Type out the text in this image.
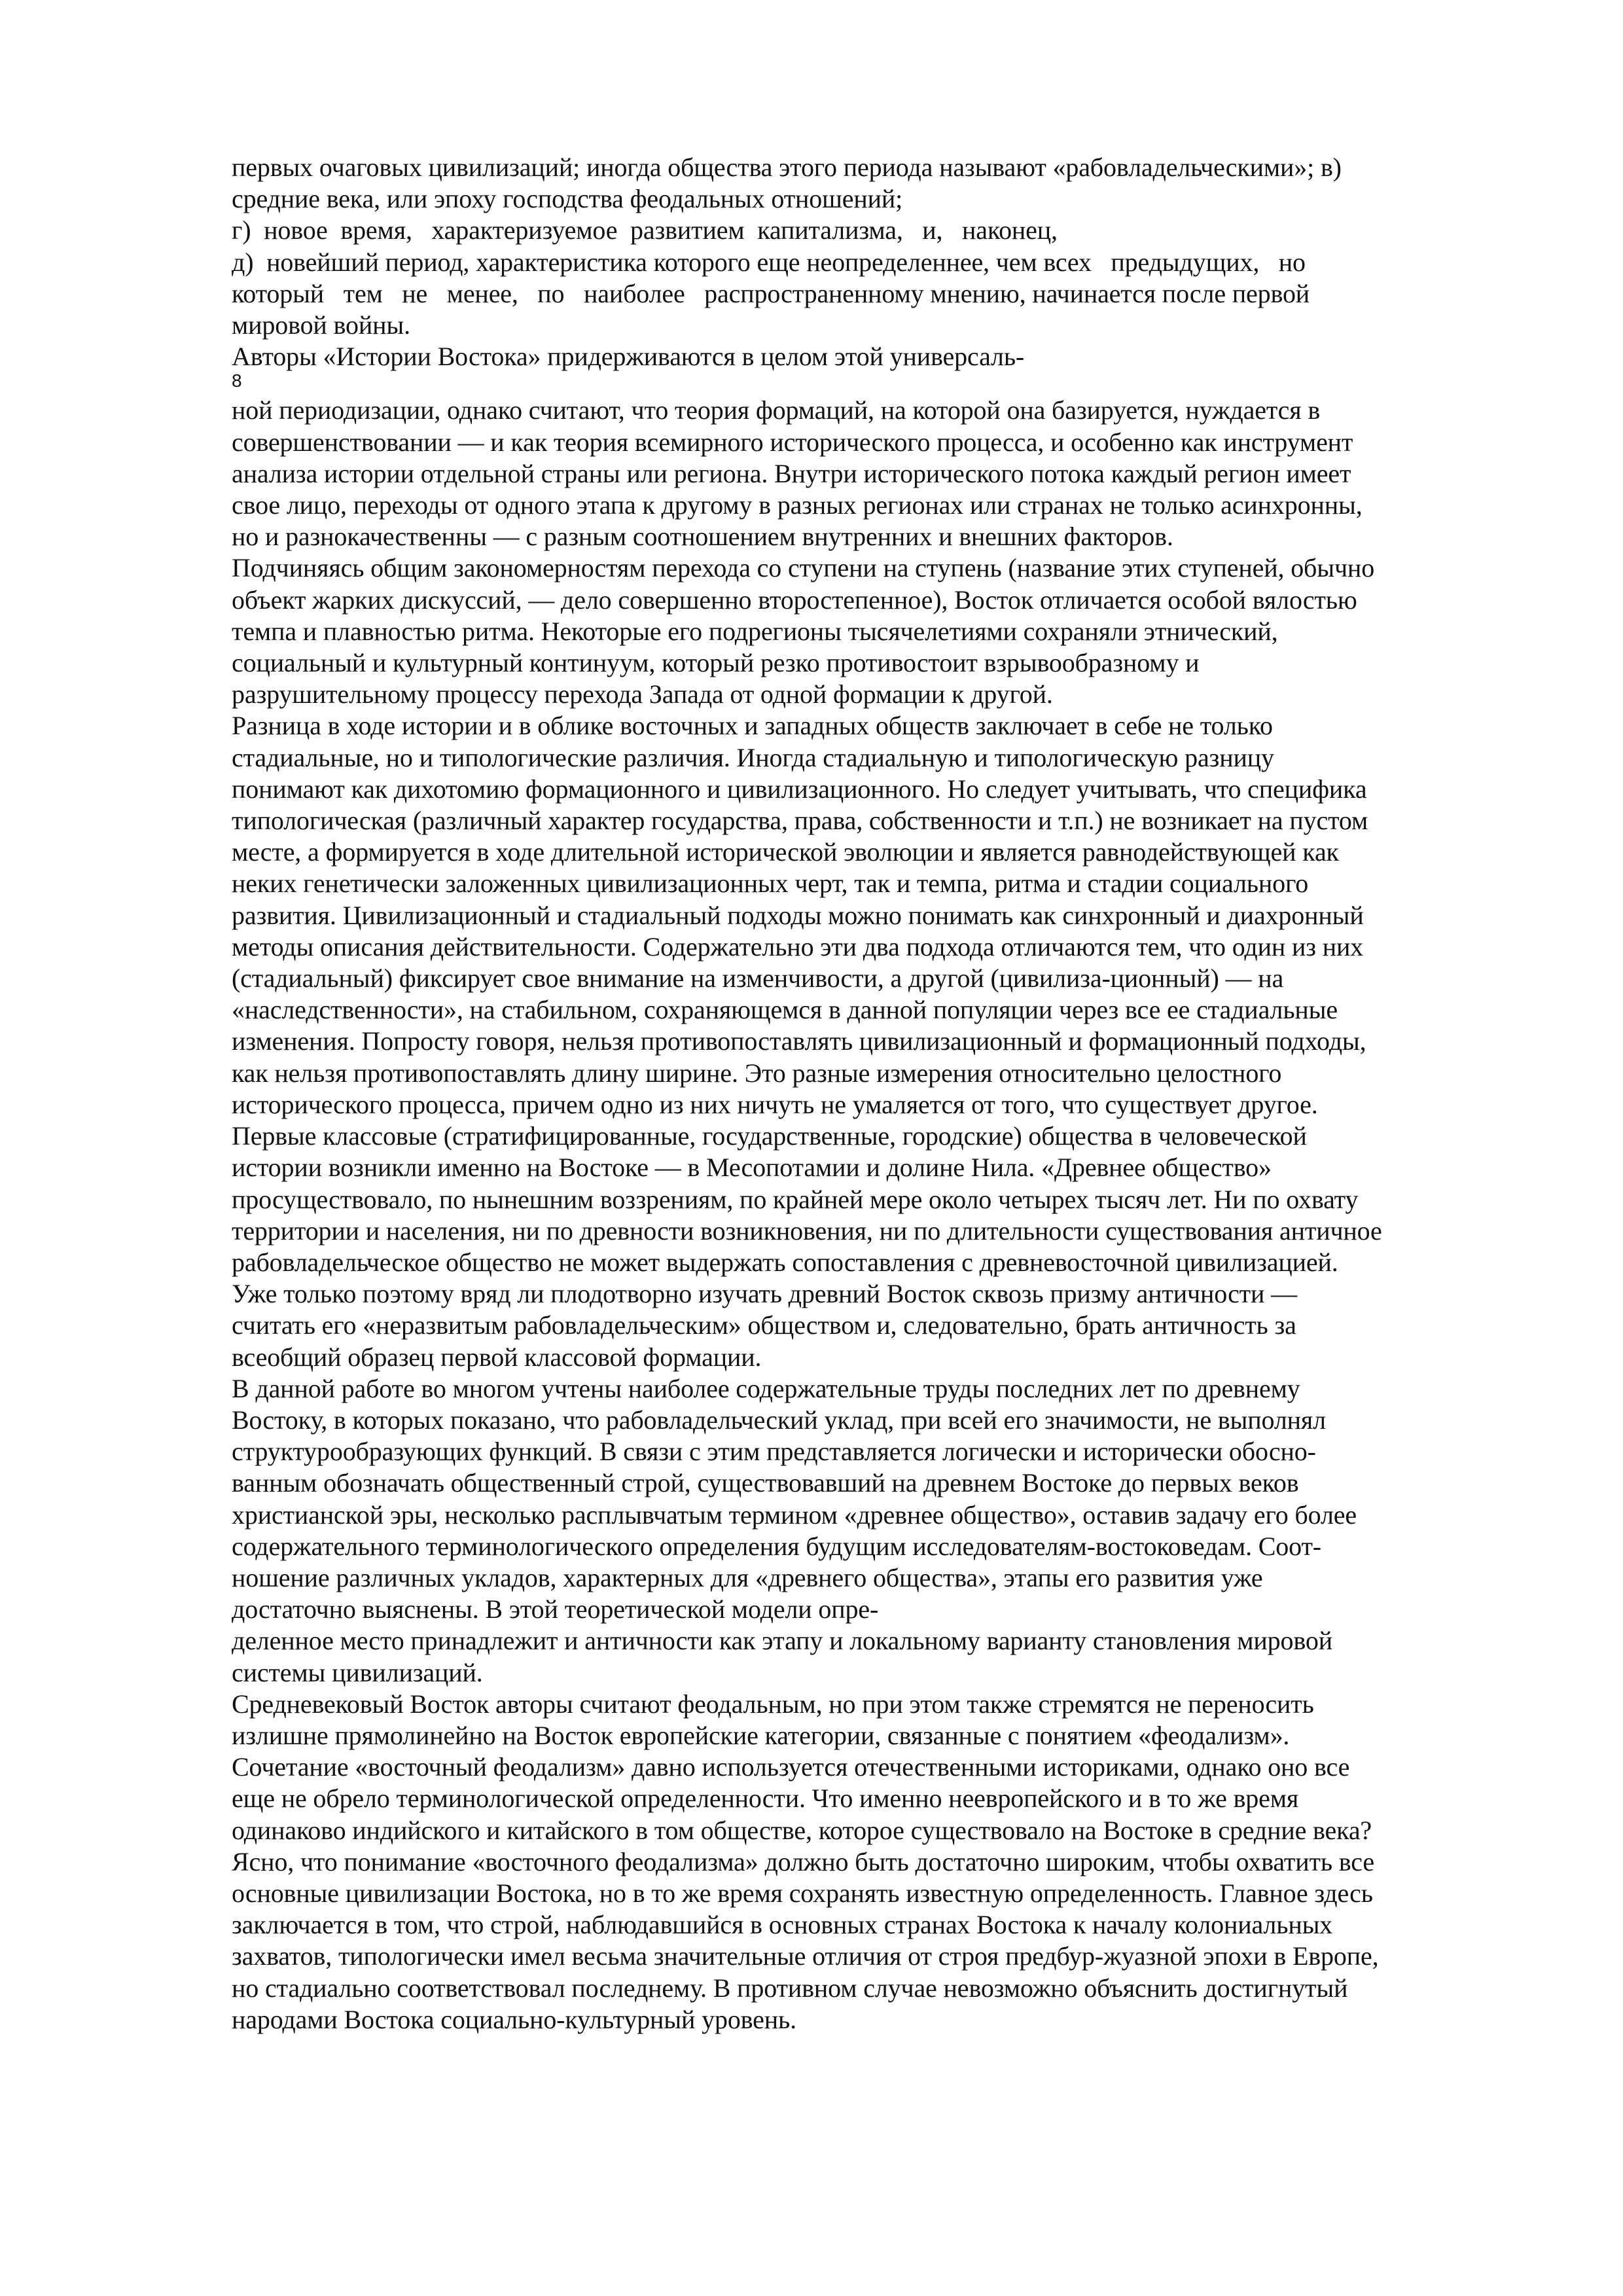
первых очаговых цивилизаций; иногда общества этого периода называют «рабовладельческими»; в)
средние века, или эпоху господства феодальных отношений;
г)  новое  время,   характеризуемое  развитием  капитализма,   и,   наконец,
д)  новейший период, характеристика которого еще неопределеннее, чем всех   предыдущих,   но
который   тем   не   менее,   по   наиболее   распространенному мнению, начинается после первой
мировой войны.
Авторы «Истории Востока» придерживаются в целом этой универсаль-
8
ной периодизации, однако считают, что теория формаций, на которой она базируется, нуждается в
совершенствовании — и как теория всемирного исторического процесса, и особенно как инструмент
анализа истории отдельной страны или региона. Внутри исторического потока каждый регион имеет
свое лицо, переходы от одного этапа к другому в разных регионах или странах не только асинхронны,
но и разнокачественны — с разным соотношением внутренних и внешних факторов.
Подчиняясь общим закономерностям перехода со ступени на ступень (название этих ступеней, обычно
объект жарких дискуссий, — дело совершенно второстепенное), Восток отличается особой вялостью
темпа и плавностью ритма. Некоторые его подрегионы тысячелетиями сохраняли этнический,
социальный и культурный континуум, который резко противостоит взрывообразному и
разрушительному процессу перехода Запада от одной формации к другой.
Разница в ходе истории и в облике восточных и западных обществ заключает в себе не только
стадиальные, но и типологические различия. Иногда стадиальную и типологическую разницу
понимают как дихотомию формационного и цивилизационного. Но следует учитывать, что специфика
типологическая (различный характер государства, права, собственности и т.п.) не возникает на пустом
месте, а формируется в ходе длительной исторической эволюции и является равнодействующей как
неких генетически заложенных цивилизационных черт, так и темпа, ритма и стадии социального
развития. Цивилизационный и стадиальный подходы можно понимать как синхронный и диахронный
методы описания действительности. Содержательно эти два подхода отличаются тем, что один из них
(стадиальный) фиксирует свое внимание на изменчивости, а другой (цивилиза-ционный) — на
«наследственности», на стабильном, сохраняющемся в данной популяции через все ее стадиальные
изменения. Попросту говоря, нельзя противопоставлять цивилизационный и формационный подходы,
как нельзя противопоставлять длину ширине. Это разные измерения относительно целостного
исторического процесса, причем одно из них ничуть не умаляется от того, что существует другое.
Первые классовые (стратифицированные, государственные, городские) общества в человеческой
истории возникли именно на Востоке — в Месопотамии и долине Нила. «Древнее общество»
просуществовало, по нынешним воззрениям, по крайней мере около четырех тысяч лет. Ни по охвату
территории и населения, ни по древности возникновения, ни по длительности существования античное
рабовладельческое общество не может выдержать сопоставления с древневосточной цивилизацией.
Уже только поэтому вряд ли плодотворно изучать древний Восток сквозь призму античности —
считать его «неразвитым рабовладельческим» обществом и, следовательно, брать античность за
всеобщий образец первой классовой формации.
В данной работе во многом учтены наиболее содержательные труды последних лет по древнему
Востоку, в которых показано, что рабовладельческий уклад, при всей его значимости, не выполнял
структурообразующих функций. В связи с этим представляется логически и исторически обосно-
ванным обозначать общественный строй, существовавший на древнем Востоке до первых веков
христианской эры, несколько расплывчатым термином «древнее общество», оставив задачу его более
содержательного терминологического определения будущим исследователям-востоковедам. Соот-
ношение различных укладов, характерных для «древнего общества», этапы его развития уже
достаточно выяснены. В этой теоретической модели опре-
деленное место принадлежит и античности как этапу и локальному варианту становления мировой
системы цивилизаций.
Средневековый Восток авторы считают феодальным, но при этом также стремятся не переносить
излишне прямолинейно на Восток европейские категории, связанные с понятием «феодализм».
Сочетание «восточный феодализм» давно используется отечественными историками, однако оно все
еще не обрело терминологической определенности. Что именно неевропейского и в то же время
одинаково индийского и китайского в том обществе, которое существовало на Востоке в средние века?
Ясно, что понимание «восточного феодализма» должно быть достаточно широким, чтобы охватить все
основные цивилизации Востока, но в то же время сохранять известную определенность. Главное здесь
заключается в том, что строй, наблюдавшийся в основных странах Востока к началу колониальных
захватов, типологически имел весьма значительные отличия от строя предбур-жуазной эпохи в Европе,
но стадиально соответствовал последнему. В противном случае невозможно объяснить достигнутый
народами Востока социально-культурный уровень.
